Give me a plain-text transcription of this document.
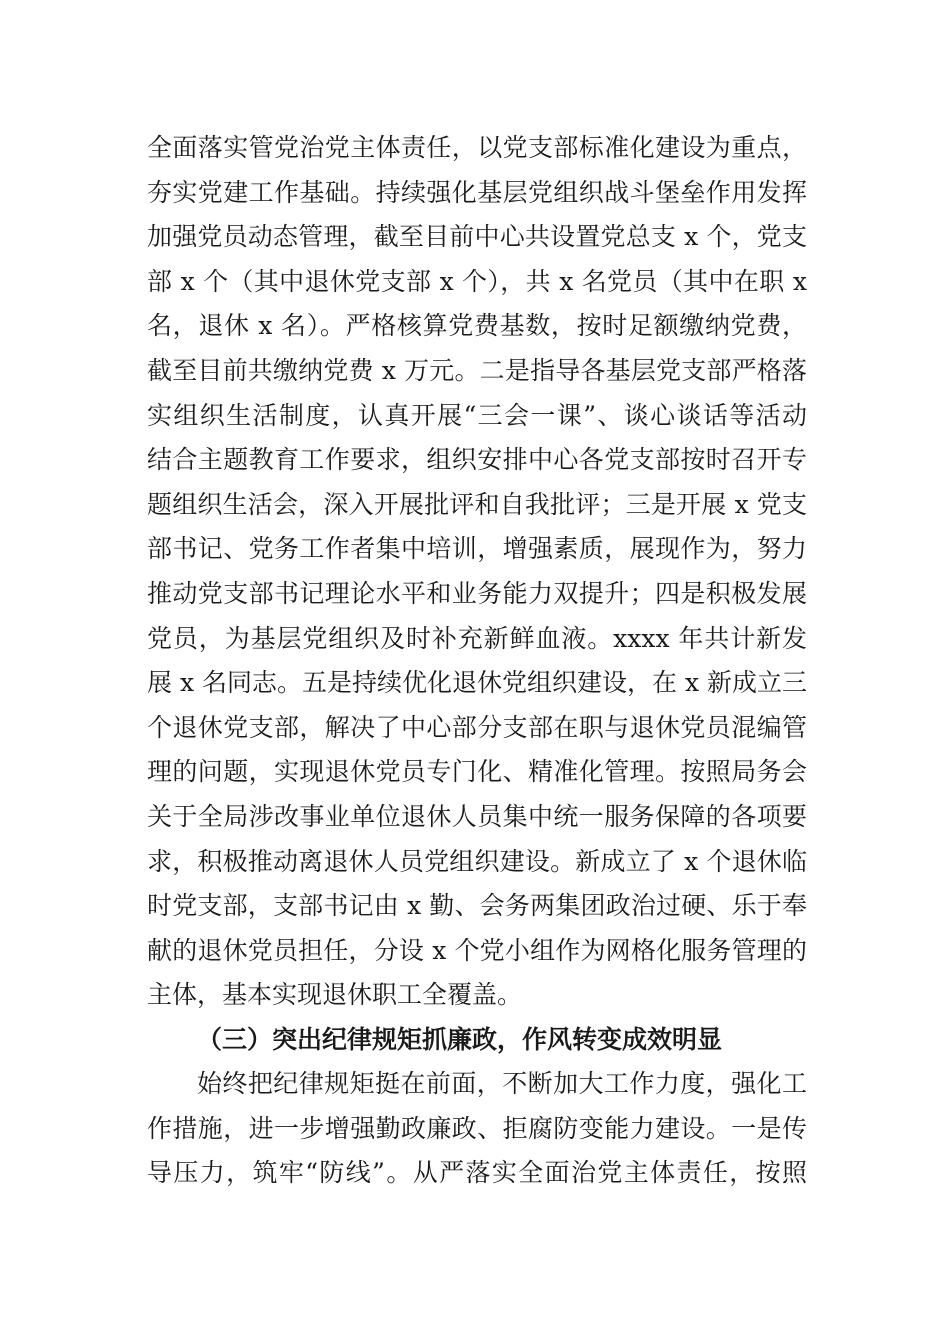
全面落实管党治党主体责任，以党支部标准化建设为重点，
夯实党建工作基础。持续强化基层党组织战斗堡垒作用发挥
加强党员动态管理，截至目前中心共设置党总支 x 个，党支
部 x 个（其中退休党支部 x 个），共 x 名党员（其中在职 x
名，退休 x 名）。严格核算党费基数，按时足额缴纳党费，
截至目前共缴纳党费 x 万元。二是指导各基层党支部严格落
实组织生活制度，认真开展“三会一课”、谈心谈话等活动
结合主题教育工作要求，组织安排中心各党支部按时召开专
题组织生活会，深入开展批评和自我批评；三是开展 x 党支
部书记、党务工作者集中培训，增强素质，展现作为，努力
推动党支部书记理论水平和业务能力双提升；四是积极发展
党员，为基层党组织及时补充新鲜血液。xxxx 年共计新发
展 x 名同志。五是持续优化退休党组织建设，在 x 新成立三
个退休党支部，解决了中心部分支部在职与退休党员混编管
理的问题，实现退休党员专门化、精准化管理。按照局务会
关于全局涉改事业单位退休人员集中统一服务保障的各项要
求，积极推动离退休人员党组织建设。新成立了 x 个退休临
时党支部，支部书记由 x 勤、会务两集团政治过硬、乐于奉
献的退休党员担任，分设 x 个党小组作为网格化服务管理的
主体，基本实现退休职工全覆盖。
（三）突出纪律规矩抓廉政，作风转变成效明显
始终把纪律规矩挺在前面，不断加大工作力度，强化工
作措施，进一步增强勤政廉政、拒腐防变能力建设。一是传
导压力，筑牢“防线”。从严落实全面治党主体责任，按照
